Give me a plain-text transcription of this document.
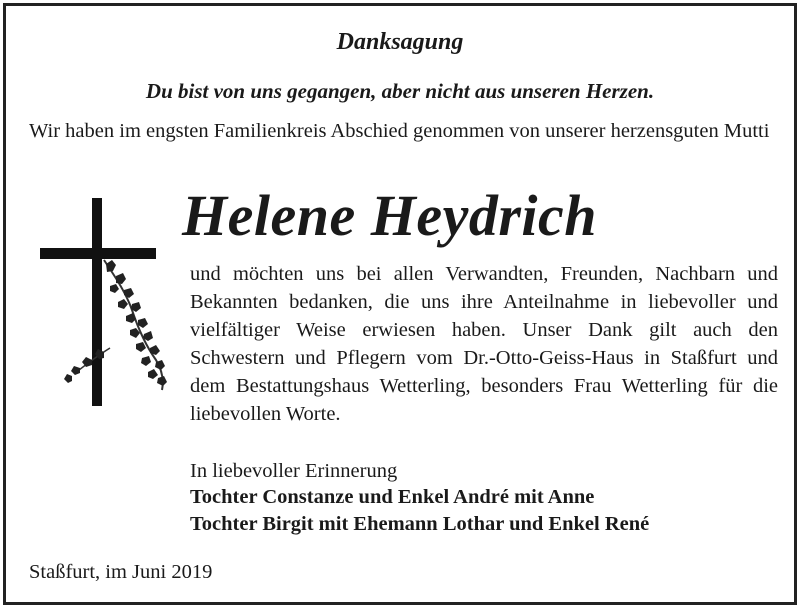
Danksagung
Du bist von uns gegangen, aber nicht aus unseren Herzen.
Wir haben im engsten Familienkreis Abschied genommen von unserer herzensguten Mutti
Helene Heydrich
und möchten uns bei allen Verwandten, Freunden, Nachbarn und Bekannten bedanken, die uns ihre Anteilnahme in liebevoller und vielfältiger Weise erwiesen haben. Unser Dank gilt auch den Schwestern und Pflegern vom Dr.-Otto-Geiss-Haus in Staßfurt und dem Bestattungshaus Wetterling, besonders Frau Wetterling für die liebevollen Worte.
In liebevoller Erinnerung
Tochter Constanze und Enkel André mit Anne
Tochter Birgit mit Ehemann Lothar und Enkel René
Staßfurt, im Juni 2019
